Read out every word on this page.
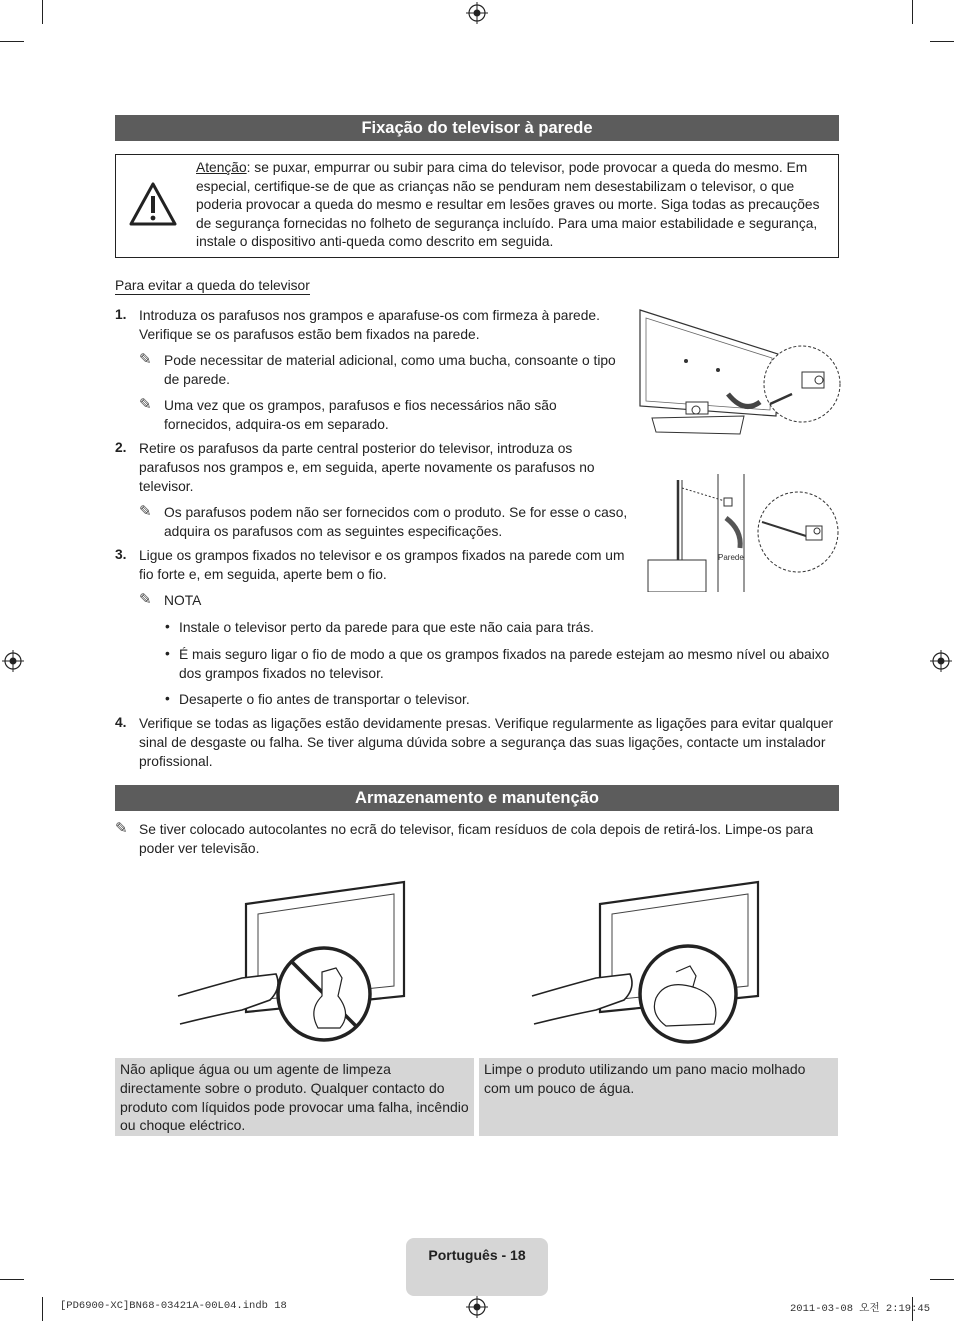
Fixação do televisor à parede
Atenção: se puxar, empurrar ou subir para cima do televisor, pode provocar a queda do mesmo. Em especial, certifique-se de que as crianças não se penduram nem desestabilizam o televisor, o que poderia provocar a queda do mesmo e resultar em lesões graves ou morte. Siga todas as precauções de segurança fornecidas no folheto de segurança incluído. Para uma maior estabilidade e segurança, instale o dispositivo anti-queda como descrito em seguida.
Para evitar a queda do televisor
1. Introduza os parafusos nos grampos e aparafuse-os com firmeza à parede. Verifique se os parafusos estão bem fixados na parede.
✎ Pode necessitar de material adicional, como uma bucha, consoante o tipo de parede.
✎ Uma vez que os grampos, parafusos e fios necessários não são fornecidos, adquira-os em separado.
2. Retire os parafusos da parte central posterior do televisor, introduza os parafusos nos grampos e, em seguida, aperte novamente os parafusos no televisor.
✎ Os parafusos podem não ser fornecidos com o produto. Se for esse o caso, adquira os parafusos com as seguintes especificações.
3. Ligue os grampos fixados no televisor e os grampos fixados na parede com um fio forte e, em seguida, aperte bem o fio.
✎ NOTA
• Instale o televisor perto da parede para que este não caia para trás.
• É mais seguro ligar o fio de modo a que os grampos fixados na parede estejam ao mesmo nível ou abaixo dos grampos fixados no televisor.
• Desaperte o fio antes de transportar o televisor.
4. Verifique se todas as ligações estão devidamente presas. Verifique regularmente as ligações para evitar qualquer sinal de desgaste ou falha. Se tiver alguma dúvida sobre a segurança das suas ligações, contacte um instalador profissional.
Parede
Armazenamento e manutenção
✎ Se tiver colocado autocolantes no ecrã do televisor, ficam resíduos de cola depois de retirá-los. Limpe-os para poder ver televisão.
Não aplique água ou um agente de limpeza directamente sobre o produto. Qualquer contacto do produto com líquidos pode provocar uma falha, incêndio ou choque eléctrico.
Limpe o produto utilizando um pano macio molhado com um pouco de água.
Português - 18
[PD6900-XC]BN68-03421A-00L04.indb 18	2011-03-08 오전 2:19:45
